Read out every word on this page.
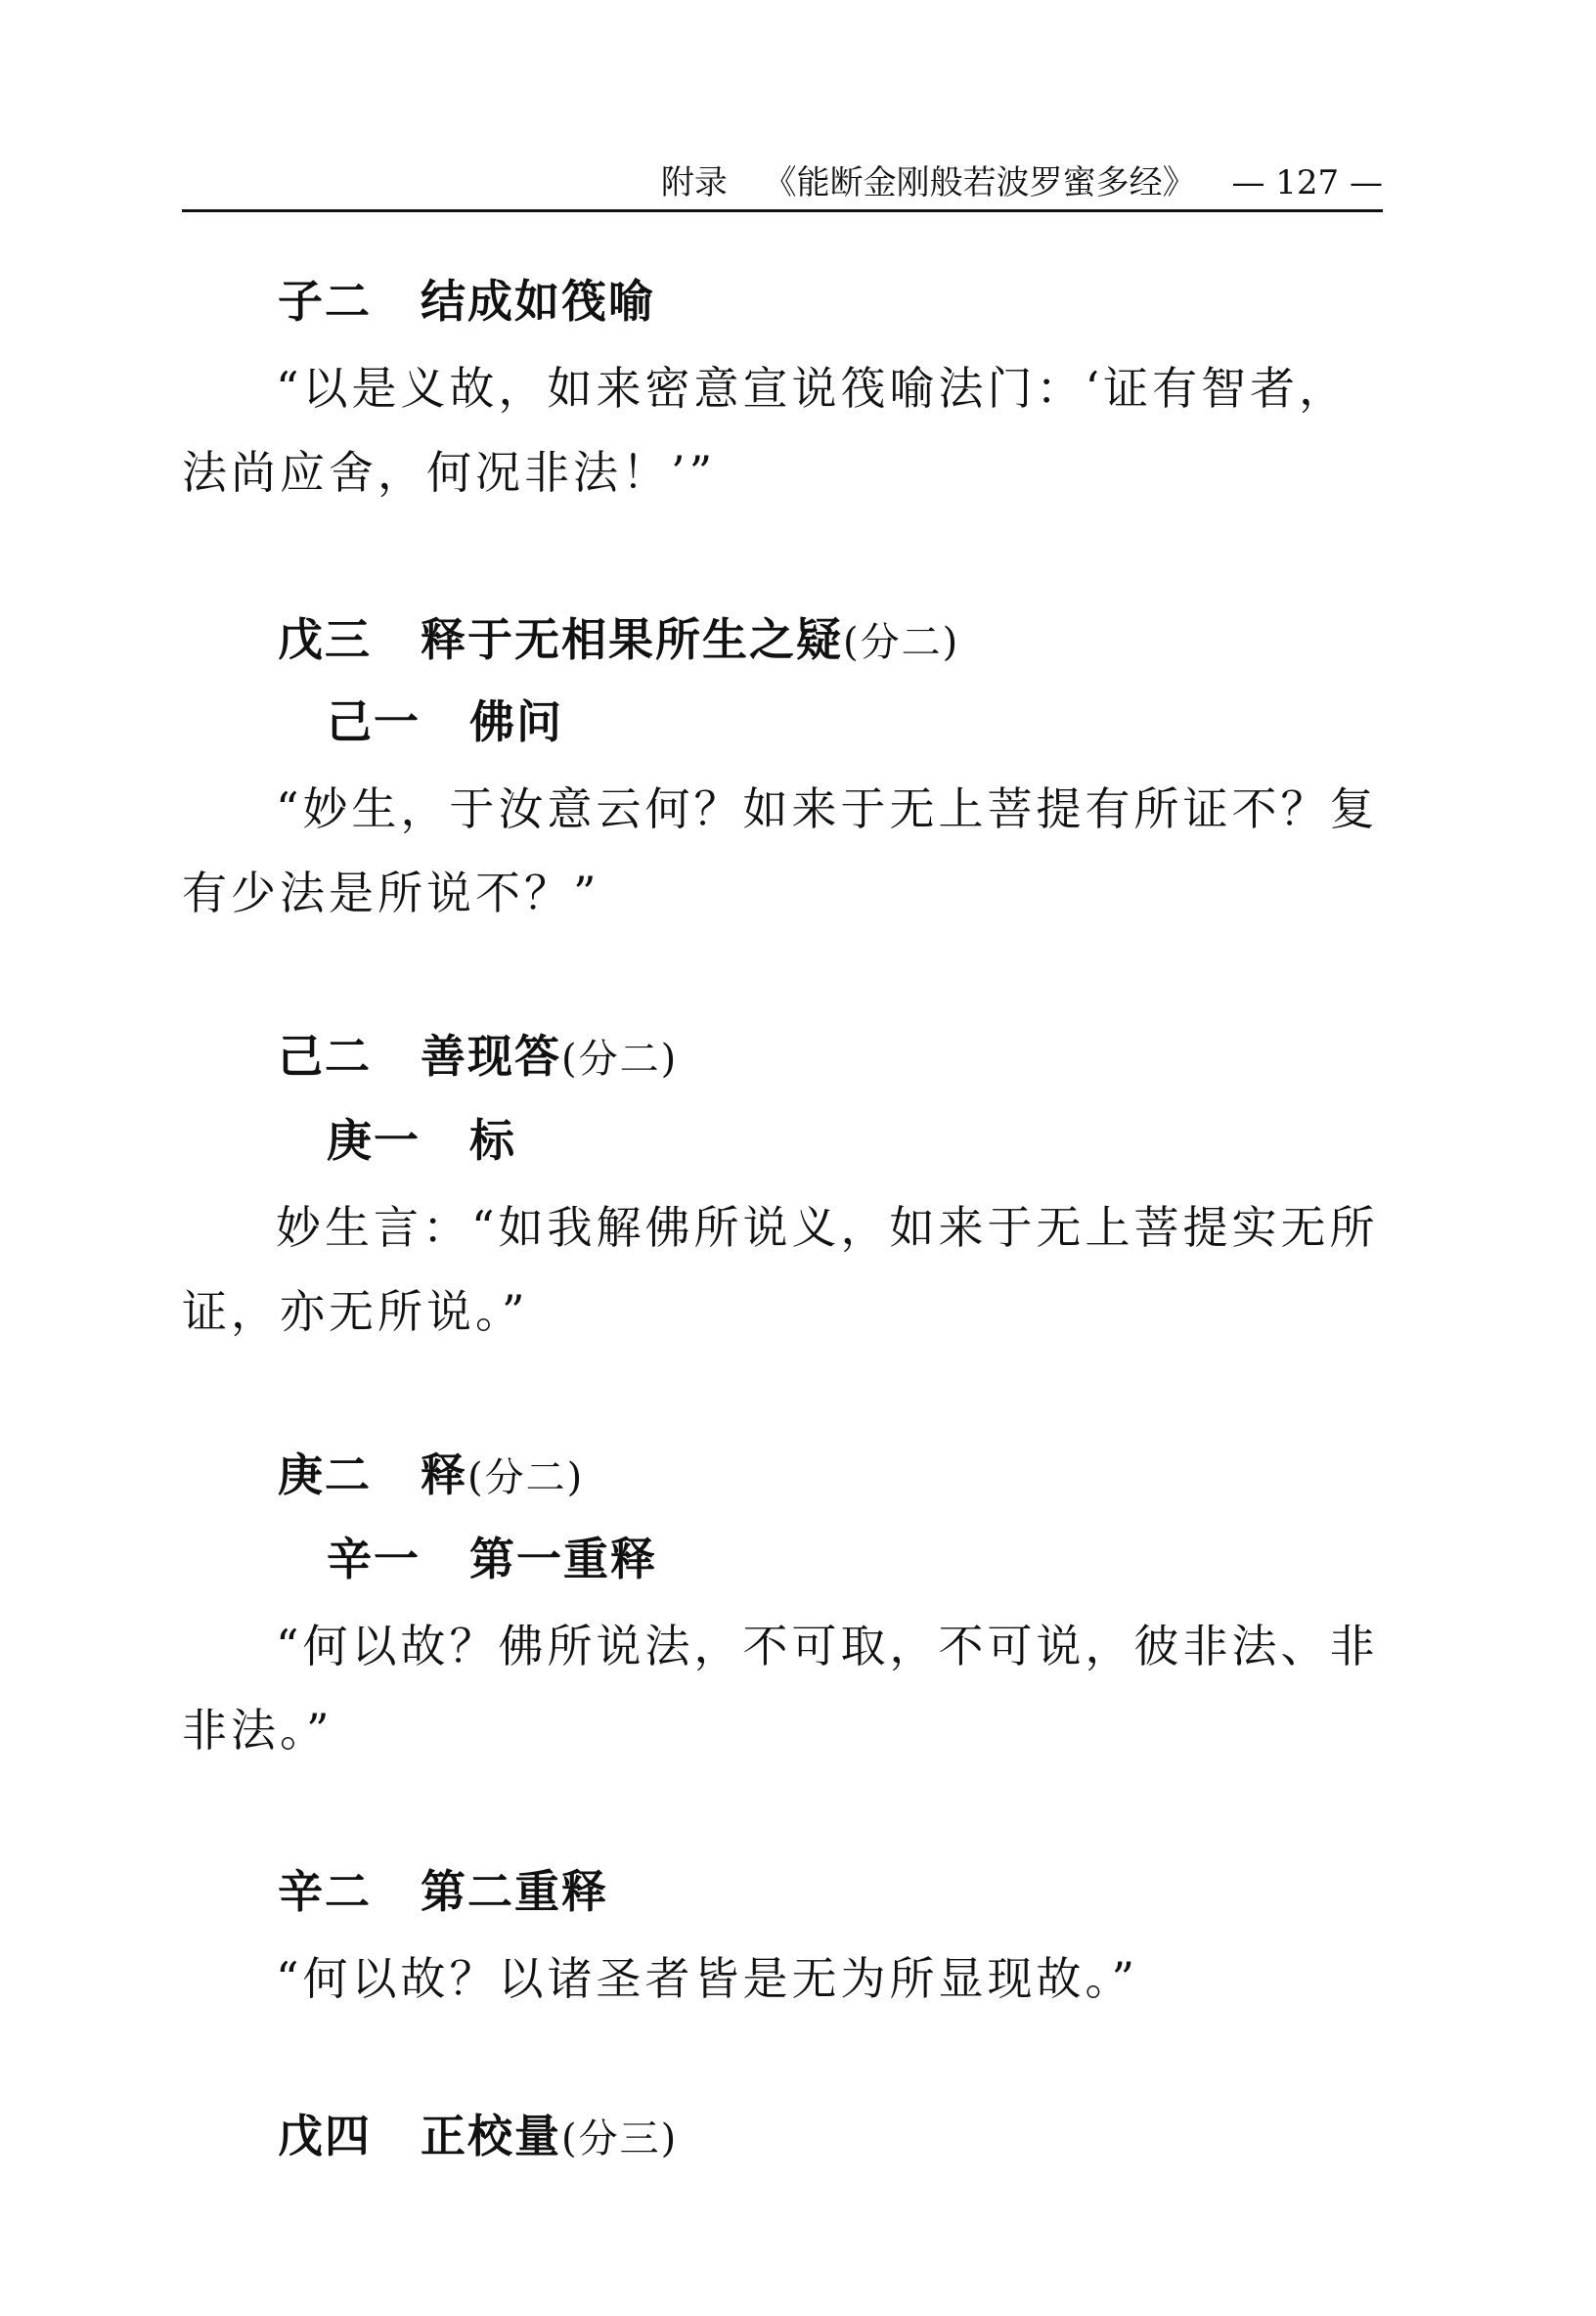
附录 《能断金刚般若波罗蜜多经》 — 127 —
子二 结成如筏喻

“以是义故，如来密意宣说筏喻法门：‘证有智者，法尚应舍，何况非法！’”

戊三 释于无相果所生之疑(分二)
己一 佛问

“妙生，于汝意云何？如来于无上菩提有所证不？复有少法是所说不？”

己二 善现答(分二)
庚一 标

妙生言：“如我解佛所说义，如来于无上菩提实无所证，亦无所说。”

庚二 释(分二)
辛一 第一重释

“何以故？佛所说法，不可取，不可说，彼非法、非非法。”

辛二 第二重释

“何以故？以诸圣者皆是无为所显现故。”

戊四 正校量(分三)
